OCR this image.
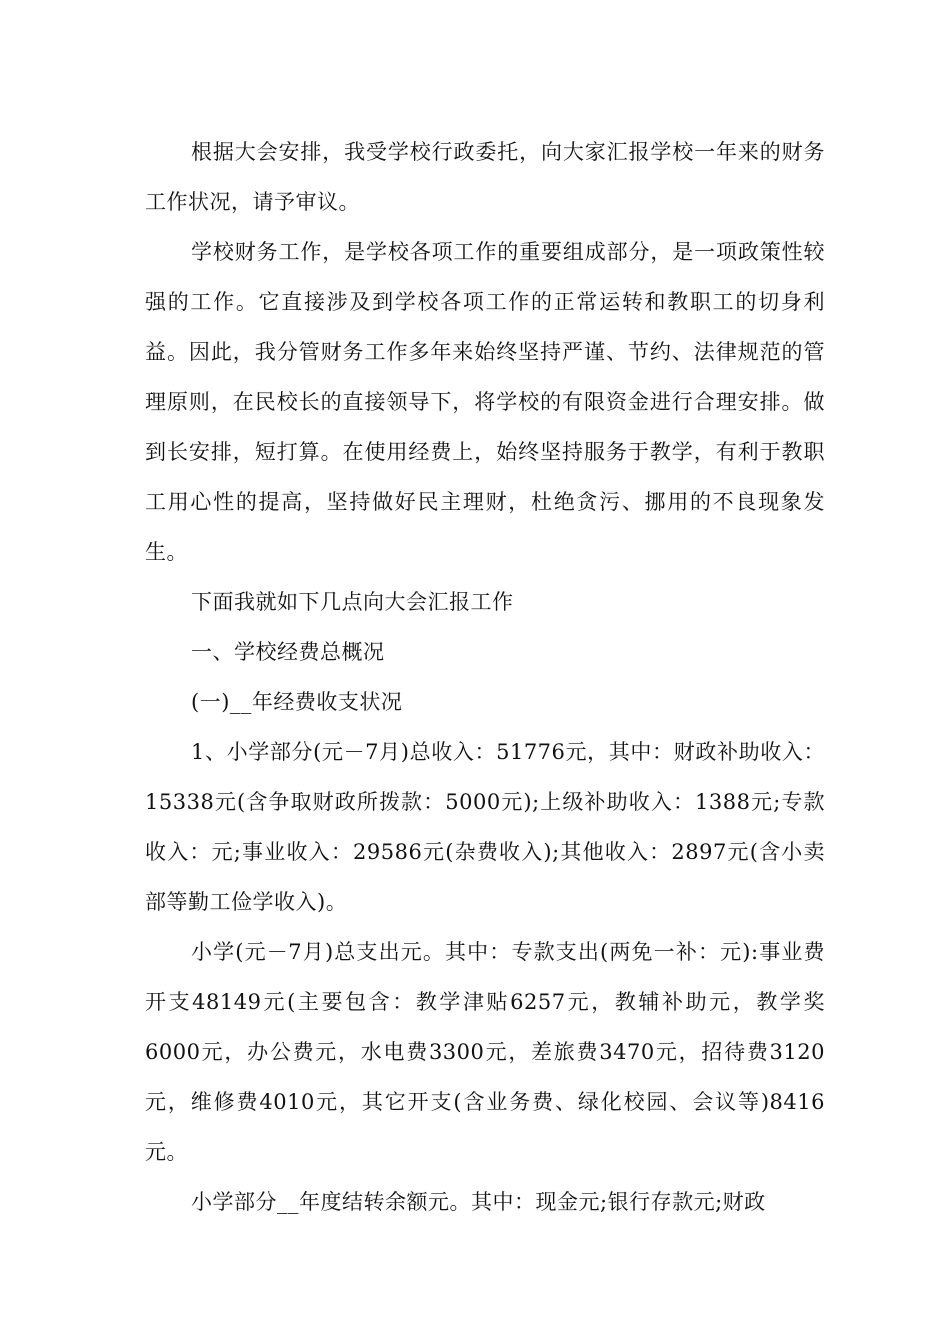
根据大会安排，我受学校行政委托，向大家汇报学校一年来的财务工作状况，请予审议。

学校财务工作，是学校各项工作的重要组成部分，是一项政策性较强的工作。它直接涉及到学校各项工作的正常运转和教职工的切身利益。因此，我分管财务工作多年来始终坚持严谨、节约、法律规范的管理原则，在民校长的直接领导下，将学校的有限资金进行合理安排。做到长安排，短打算。在使用经费上，始终坚持服务于教学，有利于教职工用心性的提高，坚持做好民主理财，杜绝贪污、挪用的不良现象发生。

下面我就如下几点向大会汇报工作

一、学校经费总概况

(一)__年经费收支状况

1、小学部分(元－7月)总收入：51776元，其中：财政补助收入：15338元(含争取财政所拨款：5000元);上级补助收入：1388元;专款收入：元;事业收入：29586元(杂费收入);其他收入：2897元(含小卖部等勤工俭学收入)。

小学(元－7月)总支出元。其中：专款支出(两免一补：元):事业费开支48149元(主要包含：教学津贴6257元，教辅补助元，教学奖6000元，办公费元，水电费3300元，差旅费3470元，招待费3120元，维修费4010元，其它开支(含业务费、绿化校园、会议等)8416元。

小学部分__年度结转余额元。其中：现金元;银行存款元;财政
